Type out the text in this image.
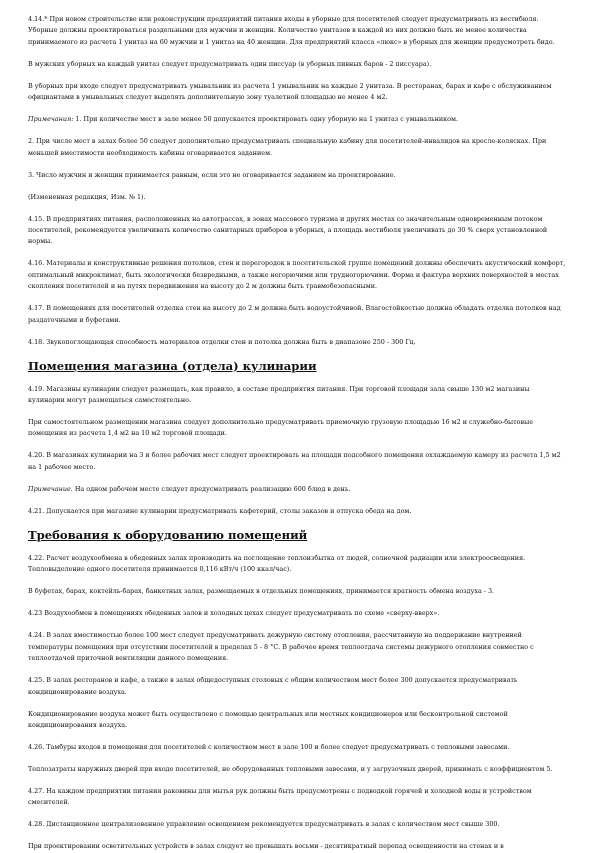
4.14.* При новом строительстве или реконструкции предприятий питания входы в уборные для посетителей следует предусматривать из вестибюля. Уборные должны проектироваться раздельными для мужчин и женщин. Количество унитазов в каждой из них должно быть не менее количества принимаемого из расчета 1 унитаз на 60 мужчин и 1 унитаз на 40 женщин. Для предприятий класса «люкс» в уборных для женщин предусмотреть биде.

В мужских уборных на каждый унитаз следует предусматривать один писсуар (в уборных пивных баров - 2 писсуара).

В уборных при входе следует предусматривать умывальник из расчета 1 умывальник на каждые 2 унитаза. В ресторанах, барах и кафе с обслуживанием официантами в умывальных следует выделять дополнительную зону туалетной площадью не менее 4 м2.

Примечания: 1. При количестве мест в зале менее 50 допускается проектировать одну уборную на 1 унитаз с умывальником.

2. При числе мест в залах более 50 следует дополнительно предусматривать специальную кабину для посетителей-инвалидов на кресле-колясках. При меньшей вместимости необходимость кабины оговаривается заданием.

3. Число мужчин и женщин принимается равным, если это не оговаривается заданием на проектирование.

(Измененная редакция, Изм. № 1).

4.15. В предприятиях питания, расположенных на автотрассах, в зонах массового туризма и других местах со значительным одновременным потоком посетителей, рекомендуется увеличивать количество санитарных приборов в уборных, а площадь вестибюля увеличивать до 30 % сверх установленной нормы.

4.16. Материалы и конструктивные решения потолков, стен и перегородок в посетительской группе помещений должны обеспечить акустический комфорт, оптимальный микроклимат, быть экологически безвредными, а также негорючими или трудногорючими. Форма и фактура верхних поверхностей в местах скопления посетителей и на путях передвижения на высоту до 2 м должны быть травмобезопасными.

4.17. В помещениях для посетителей отделка стен на высоту до 2 м должна быть водоустойчивой. Влагостойкостью должна обладать отделка потолков над раздаточными и буфетами.

4.18. Звукопоглощающая способность материалов отделки стен и потолка должна быть в диапазоне 250 - 300 Гц.

Помещения магазина (отдела) кулинарии

4.19. Магазины кулинарии следует размещать, как правило, в составе предприятия питания. При торговой площади зала свыше 130 м2 магазины кулинарии могут размещаться самостоятельно.

При самостоятельном размещении магазина следует дополнительно предусматривать приемочную грузовую площадью 16 м2 и служебно-бытовые помещения из расчета 1,4 м2 на 10 м2 торговой площади.

4.20. В магазинах кулинарии на 3 и более рабочих мест следует проектировать на площади подсобного помещения охлаждаемую камеру из расчета 1,5 м2 на 1 рабочее место.

Примечание. На одном рабочем месте следует предусматривать реализацию 600 блюд в день.

4.21. Допускается при магазине кулинарии предусматривать кафетерий, столы заказов и отпуска обеда на дом.

Требования к оборудованию помещений

4.22. Расчет воздухообмена в обеденных залах производить на поглощение теплоизбытка от людей, солнечной радиации или электроосвещения. Тепловыделение одного посетителя принимается 0,116 кВт/ч (100 ккал/час).

В буфетах, барах, коктейль-барах, банкетных залах, размещаемых в отдельных помещениях, принимается кратность обмена воздуха - 3.

4.23 Воздухообмен в помещениях обеденных залов и холодных цехах следует предусматривать по схеме «сверху-вверх».

4.24. В залах вместимостью более 100 мест следует предусматривать дежурную систему отопления, рассчитанную на поддержание внутренней температуры помещения при отсутствии посетителей в пределах 5 - 8 °С. В рабочее время теплоотдача системы дежурного отопления совместно с теплоотдачей приточной вентиляции данного помещения.

4.25. В залах ресторанов и кафе, а также в залах общедоступных столовых с общим количеством мест более 300 допускается предусматривать кондиционирование воздуха.

Кондиционирование воздуха может быть осуществлено с помощью центральных или местных кондиционеров или бесконтрольной системой кондиционирования воздуха.

4.26. Тамбуры входов в помещения для посетителей с количеством мест в зале 100 и более следует предусматривать с тепловыми завесами.

Теплозатраты наружных дверей при входе посетителей, не оборудованных тепловыми завесами, и у загрузочных дверей, принимать с коэффициентом 5.

4.27. На каждом предприятии питания раковины для мытья рук должны быть предусмотрены с подводкой горячей и холодной воды и устройством смесителей.

4.28. Дистанционное централизованное управление освещением рекомендуется предусматривать в залах с количеством мест свыше 300.

При проектировании осветительных устройств в залах следует не превышать восьми - десятикратный перепад освещенности на стенах и в
